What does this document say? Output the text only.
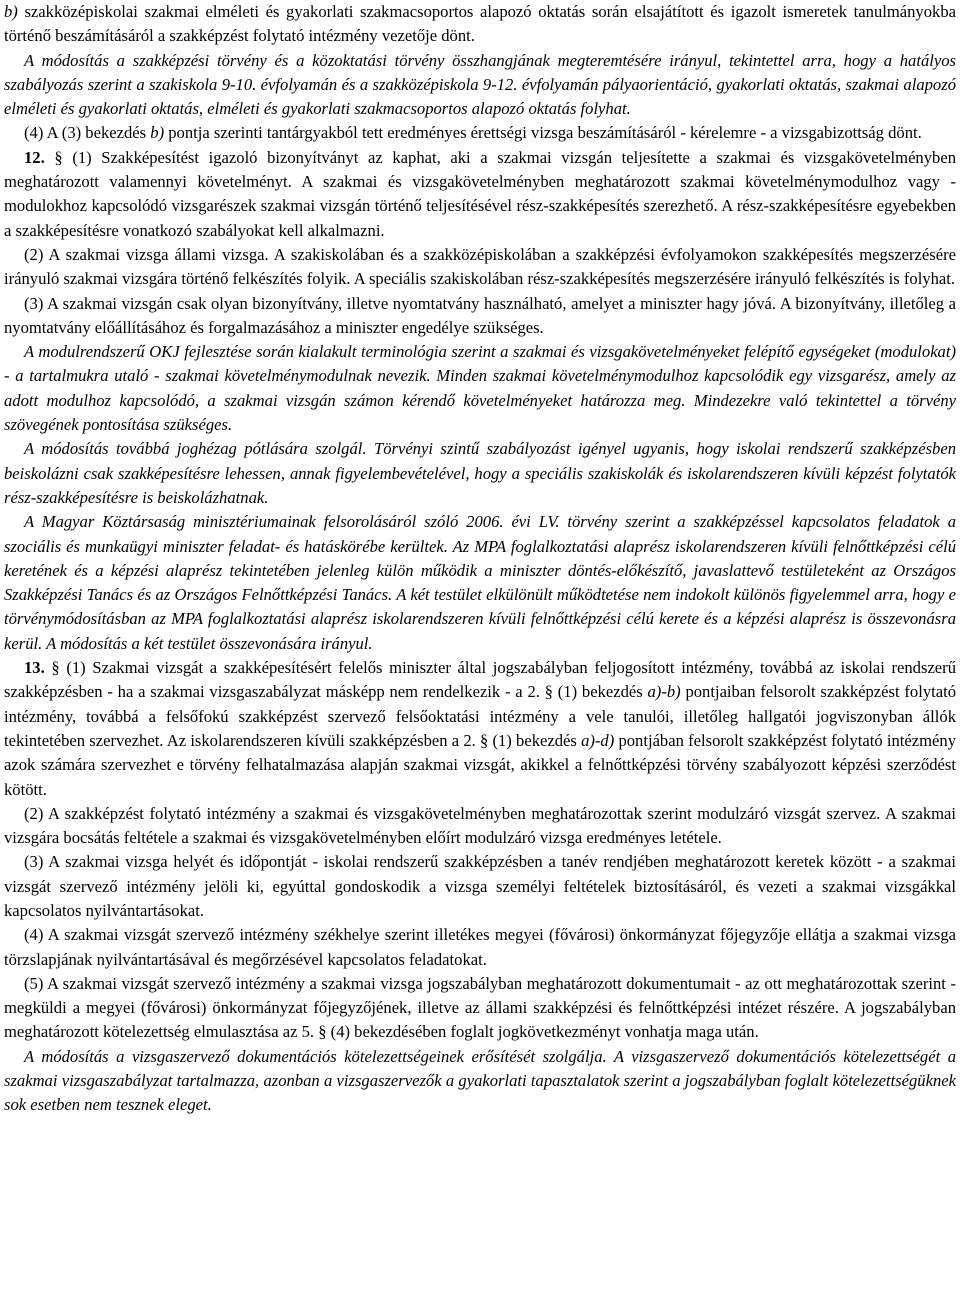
b) szakközépiskolai szakmai elméleti és gyakorlati szakmacsoportos alapozó oktatás során elsajátított és igazolt ismeretek tanulmányokba történő beszámításáról a szakképzést folytató intézmény vezetője dönt.

A módosítás a szakképzési törvény és a közoktatási törvény összhangjának megteremtésére irányul, tekintettel arra, hogy a hatályos szabályozás szerint a szakiskola 9-10. évfolyamán és a szakközépiskola 9-12. évfolyamán pályaorientáció, gyakorlati oktatás, szakmai alapozó elméleti és gyakorlati oktatás, elméleti és gyakorlati szakmacsoportos alapozó oktatás folyhat.

(4) A (3) bekezdés b) pontja szerinti tantárgyakból tett eredményes érettségi vizsga beszámításáról - kérelemre - a vizsgabizottság dönt.

12. § (1) Szakképesítést igazoló bizonyítványt az kaphat, aki a szakmai vizsgán teljesítette a szakmai és vizsgakövetelményben meghatározott valamennyi követelményt. A szakmai és vizsgakövetelményben meghatározott szakmai követelménymodulhoz vagy -modulokhoz kapcsolódó vizsgarészek szakmai vizsgán történő teljesítésével rész-szakképesítés szerezhető. A rész-szakképesítésre egyebekben a szakképesítésre vonatkozó szabályokat kell alkalmazni.

(2) A szakmai vizsga állami vizsga. A szakiskolában és a szakközépiskolában a szakképzési évfolyamokon szakképesítés megszerzésére irányuló szakmai vizsgára történő felkészítés folyik. A speciális szakiskolában rész-szakképesítés megszerzésére irányuló felkészítés is folyhat.

(3) A szakmai vizsgán csak olyan bizonyítvány, illetve nyomtatvány használható, amelyet a miniszter hagy jóvá. A bizonyítvány, illetőleg a nyomtatvány előállításához és forgalmazásához a miniszter engedélye szükséges.

A modulrendszerű OKJ fejlesztése során kialakult terminológia szerint a szakmai és vizsgakövetelményeket felépítő egységeket (modulokat) - a tartalmukra utaló - szakmai követelménymodulnak nevezik. Minden szakmai követelménymodulhoz kapcsolódik egy vizsgarész, amely az adott modulhoz kapcsolódó, a szakmai vizsgán számon kérendő követelményeket határozza meg. Mindezekre való tekintettel a törvény szövegének pontosítása szükséges.

A módosítás továbbá joghézag pótlására szolgál. Törvényi szintű szabályozást igényel ugyanis, hogy iskolai rendszerű szakképzésben beiskolázni csak szakképesítésre lehessen, annak figyelembevételével, hogy a speciális szakiskolák és iskolarendszeren kívüli képzést folytatók rész-szakképesítésre is beiskolázhatnak.

A Magyar Köztársaság minisztériumainak felsorolásáról szóló 2006. évi LV. törvény szerint a szakképzéssel kapcsolatos feladatok a szociális és munkaügyi miniszter feladat- és hatáskörébe kerültek. Az MPA foglalkoztatási alaprész iskolarendszeren kívüli felnőttképzési célú keretének és a képzési alaprész tekintetében jelenleg külön működik a miniszter döntés-előkészítő, javaslattevő testületeként az Országos Szakképzési Tanács és az Országos Felnőttképzési Tanács. A két testület elkülönült működtetése nem indokolt különös figyelemmel arra, hogy e törvénymódosításban az MPA foglalkoztatási alaprész iskolarendszeren kívüli felnőttképzési célú kerete és a képzési alaprész is összevonásra kerül. A módosítás a két testület összevonására irányul.

13. § (1) Szakmai vizsgát a szakképesítésért felelős miniszter által jogszabályban feljogosított intézmény, továbbá az iskolai rendszerű szakképzésben - ha a szakmai vizsgaszabályzat másképp nem rendelkezik - a 2. § (1) bekezdés a)-b) pontjaiban felsorolt szakképzést folytató intézmény, továbbá a felsőfokú szakképzést szervező felsőoktatási intézmény a vele tanulói, illetőleg hallgatói jogviszonyban állók tekintetében szervezhet. Az iskolarendszeren kívüli szakképzésben a 2. § (1) bekezdés a)-d) pontjában felsorolt szakképzést folytató intézmény azok számára szervezhet e törvény felhatalmazása alapján szakmai vizsgát, akikkel a felnőttképzési törvény szabályozott képzési szerződést kötött.

(2) A szakképzést folytató intézmény a szakmai és vizsgakövetelményben meghatározottak szerint modulzáró vizsgát szervez. A szakmai vizsgára bocsátás feltétele a szakmai és vizsgakövetelményben előírt modulzáró vizsga eredményes letétele.

(3) A szakmai vizsga helyét és időpontját - iskolai rendszerű szakképzésben a tanév rendjében meghatározott keretek között - a szakmai vizsgát szervező intézmény jelöli ki, egyúttal gondoskodik a vizsga személyi feltételek biztosításáról, és vezeti a szakmai vizsgákkal kapcsolatos nyilvántartásokat.

(4) A szakmai vizsgát szervező intézmény székhelye szerint illetékes megyei (fővárosi) önkormányzat főjegyzője ellátja a szakmai vizsga törzslapjának nyilvántartásával és megőrzésével kapcsolatos feladatokat.

(5) A szakmai vizsgát szervező intézmény a szakmai vizsga jogszabályban meghatározott dokumentumait - az ott meghatározottak szerint - megküldi a megyei (fővárosi) önkormányzat főjegyzőjének, illetve az állami szakképzési és felnőttképzési intézet részére. A jogszabályban meghatározott kötelezettség elmulasztása az 5. § (4) bekezdésében foglalt jogkövetkezményt vonhatja maga után.

A módosítás a vizsgaszervező dokumentációs kötelezettségeinek erősítését szolgálja. A vizsgaszervező dokumentációs kötelezettségét a szakmai vizsgaszabályzat tartalmazza, azonban a vizsgaszervezők a gyakorlati tapasztalatok szerint a jogszabályban foglalt kötelezettségüknek sok esetben nem tesznek eleget.
